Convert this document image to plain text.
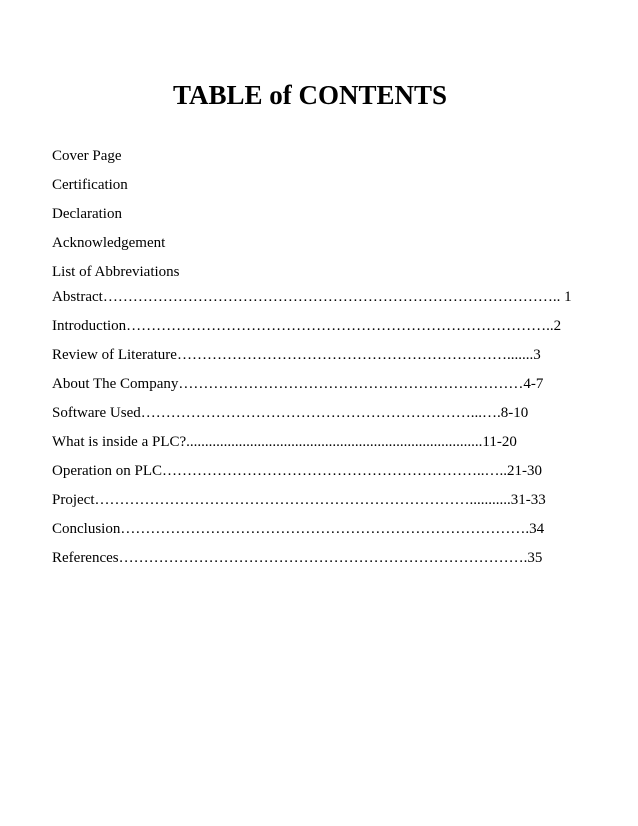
TABLE of CONTENTS
Cover Page
Certification
Declaration
Acknowledgement
List of Abbreviations
Abstract……………………………………………………………………………….. 1
Introduction…………………………………………………………………………..2
Review of Literature………………………………………………………….......3
About The Company……………………………………………………………4-7
Software Used…………………………………………………………...….8-10
What is inside a PLC?...............................................................................11-20
Operation on PLC………………………………………………………..…..21-30
Project…………………………………………………………………...........31-33
Conclusion……………………………………………………………………….34
References……………………………………………………………………….35
